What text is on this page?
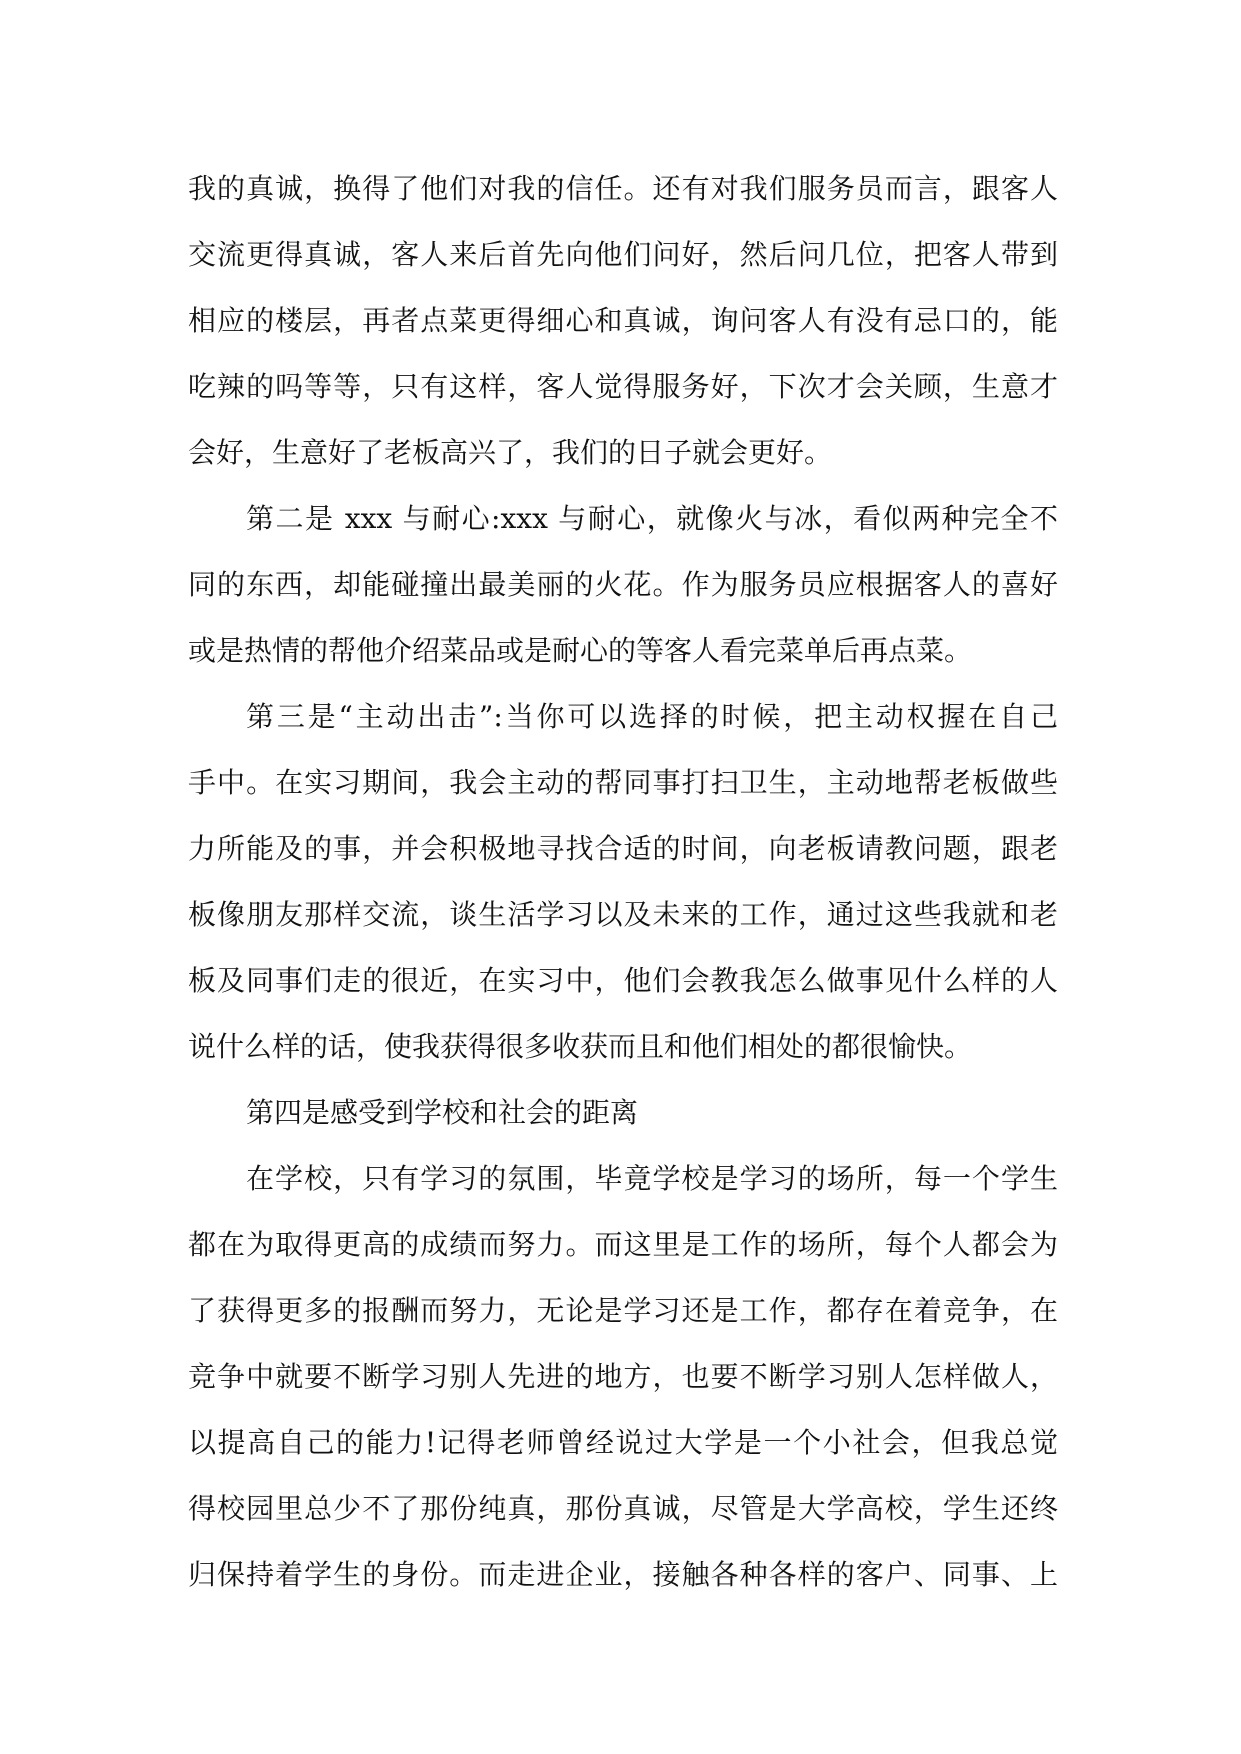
我的真诚，换得了他们对我的信任。还有对我们服务员而言，跟客人
交流更得真诚，客人来后首先向他们问好，然后问几位，把客人带到
相应的楼层，再者点菜更得细心和真诚，询问客人有没有忌口的，能
吃辣的吗等等，只有这样，客人觉得服务好，下次才会关顾，生意才
会好，生意好了老板高兴了，我们的日子就会更好。
第二是 xxx 与耐心:xxx 与耐心，就像火与冰，看似两种完全不
同的东西，却能碰撞出最美丽的火花。作为服务员应根据客人的喜好
或是热情的帮他介绍菜品或是耐心的等客人看完菜单后再点菜。
第三是“主动出击”:当你可以选择的时候，把主动权握在自己
手中。在实习期间，我会主动的帮同事打扫卫生，主动地帮老板做些
力所能及的事，并会积极地寻找合适的时间，向老板请教问题，跟老
板像朋友那样交流，谈生活学习以及未来的工作，通过这些我就和老
板及同事们走的很近，在实习中，他们会教我怎么做事见什么样的人
说什么样的话，使我获得很多收获而且和他们相处的都很愉快。
第四是感受到学校和社会的距离
在学校，只有学习的氛围，毕竟学校是学习的场所，每一个学生
都在为取得更高的成绩而努力。而这里是工作的场所，每个人都会为
了获得更多的报酬而努力，无论是学习还是工作，都存在着竞争，在
竞争中就要不断学习别人先进的地方，也要不断学习别人怎样做人，
以提高自己的能力!记得老师曾经说过大学是一个小社会，但我总觉
得校园里总少不了那份纯真，那份真诚，尽管是大学高校，学生还终
归保持着学生的身份。而走进企业，接触各种各样的客户、同事、上
